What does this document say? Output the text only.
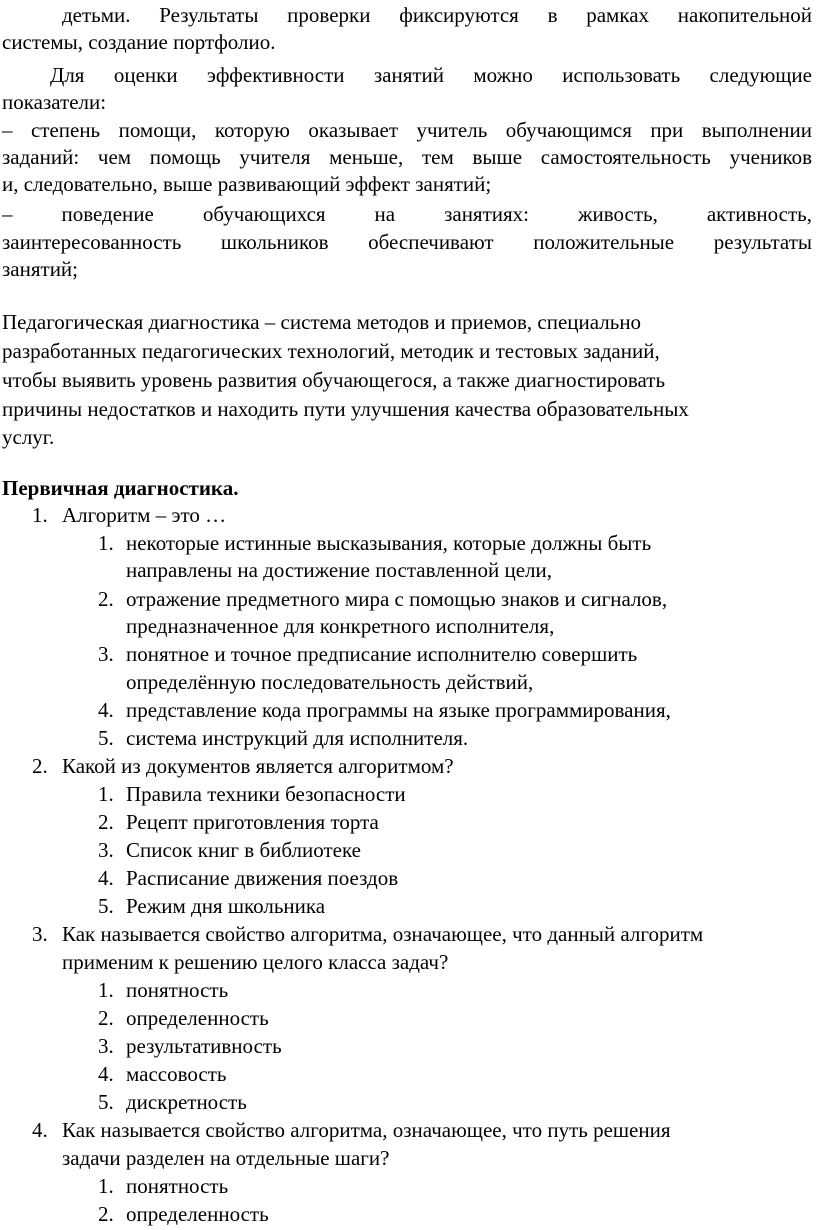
детьми. Результаты проверки фиксируются в рамках накопительной
системы, создание портфолио.
Для оценки эффективности занятий можно использовать следующие
показатели:
– степень помощи, которую оказывает учитель обучающимся при выполнении
заданий: чем помощь учителя меньше, тем выше самостоятельность учеников
и, следовательно, выше развивающий эффект занятий;
– поведение обучающихся на занятиях: живость, активность,
заинтересованность школьников обеспечивают положительные результаты
занятий;
Педагогическая диагностика – система методов и приемов, специально
разработанных педагогических технологий, методик и тестовых заданий,
чтобы выявить уровень развития обучающегося, а также диагностировать
причины недостатков и находить пути улучшения качества образовательных
услуг.
Первичная диагностика.
1. Алгоритм – это …
1. некоторые истинные высказывания, которые должны быть
направлены на достижение поставленной цели,
2. отражение предметного мира с помощью знаков и сигналов,
предназначенное для конкретного исполнителя,
3. понятное и точное предписание исполнителю совершить
определённую последовательность действий,
4. представление кода программы на языке программирования,
5. система инструкций для исполнителя.
2. Какой из документов является алгоритмом?
1. Правила техники безопасности
2. Рецепт приготовления торта
3. Список книг в библиотеке
4. Расписание движения поездов
5. Режим дня школьника
3. Как называется свойство алгоритма, означающее, что данный алгоритм
применим к решению целого класса задач?
1. понятность
2. определенность
3. результативность
4. массовость
5. дискретность
4. Как называется свойство алгоритма, означающее, что путь решения
задачи разделен на отдельные шаги?
1. понятность
2. определенность
